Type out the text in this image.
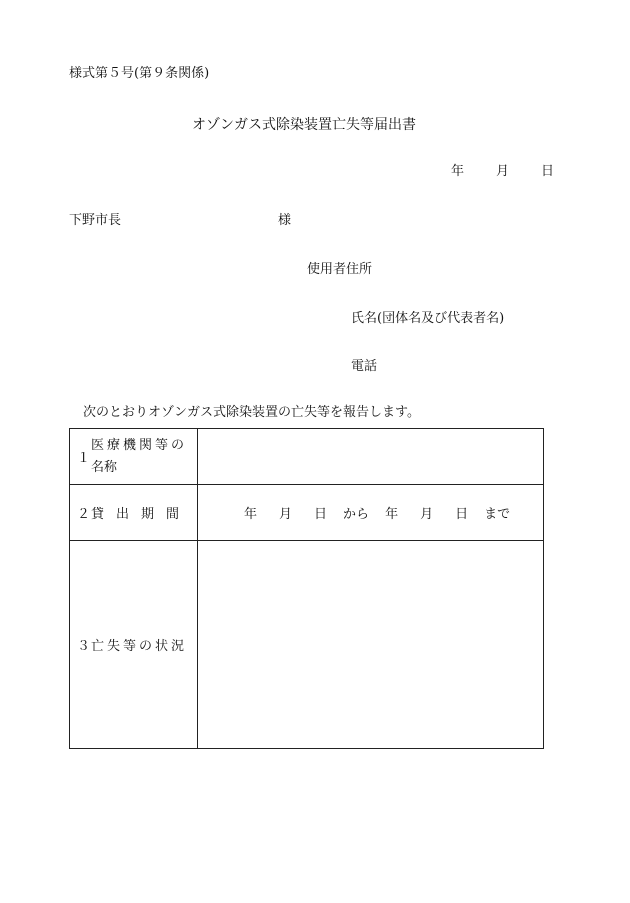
様式第５号(第９条関係)
オゾンガス式除染装置亡失等届出書
年 月 日
下野市長	様
使用者住所
氏名(団体名及び代表者名)
電話
次のとおりオゾンガス式除染装置の亡失等を報告します。
１
医療機関等の
名称	

２ 貸出期間	年 月 日 から 年 月 日 まで

３ 亡失等の状況	
